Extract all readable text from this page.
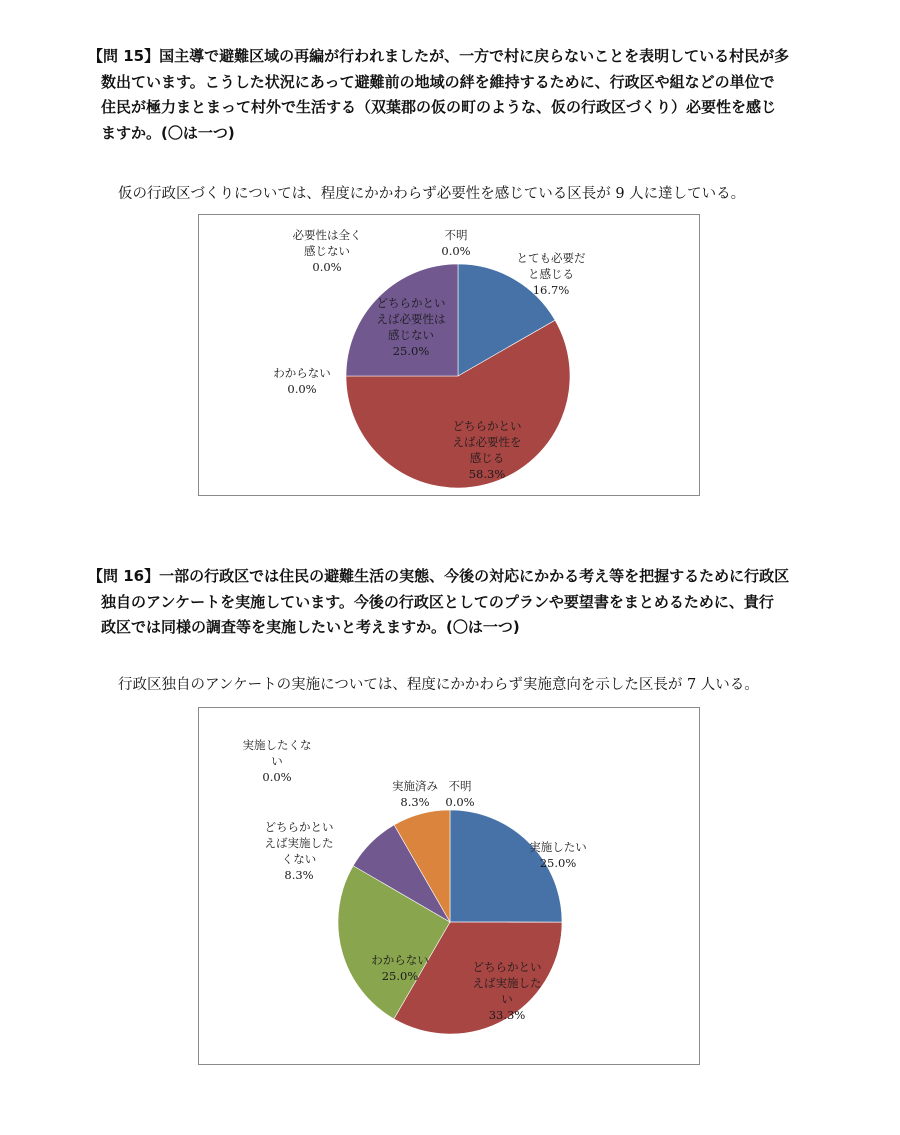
【問 15】国主導で避難区域の再編が行われましたが、一方で村に戻らないことを表明している村民が多
数出ています。こうした状況にあって避難前の地域の絆を維持するために、行政区や組などの単位で
住民が極力まとまって村外で生活する（双葉郡の仮の町のような、仮の行政区づくり）必要性を感じ
ますか。(〇は一つ)

仮の行政区づくりについては、程度にかかわらず必要性を感じている区長が 9 人に達している。

とても必要だと感じる 16.7%
どちらかといえば必要性を感じる 58.3%
わからない 0.0%
どちらかといえば必要性は感じない 25.0%
必要性は全く感じない 0.0%
不明 0.0%
【問 16】一部の行政区では住民の避難生活の実態、今後の対応にかかる考え等を把握するために行政区
独自のアンケートを実施しています。今後の行政区としてのプランや要望書をまとめるために、貴行
政区では同様の調査等を実施したいと考えますか。(〇は一つ)

行政区独自のアンケートの実施については、程度にかかわらず実施意向を示した区長が 7 人いる。

実施したい 25.0%
どちらかといえば実施したい 33.3%
わからない 25.0%
どちらかといえば実施したくない 8.3%
実施したくない 0.0%
実施済み 8.3%
不明 0.0%
